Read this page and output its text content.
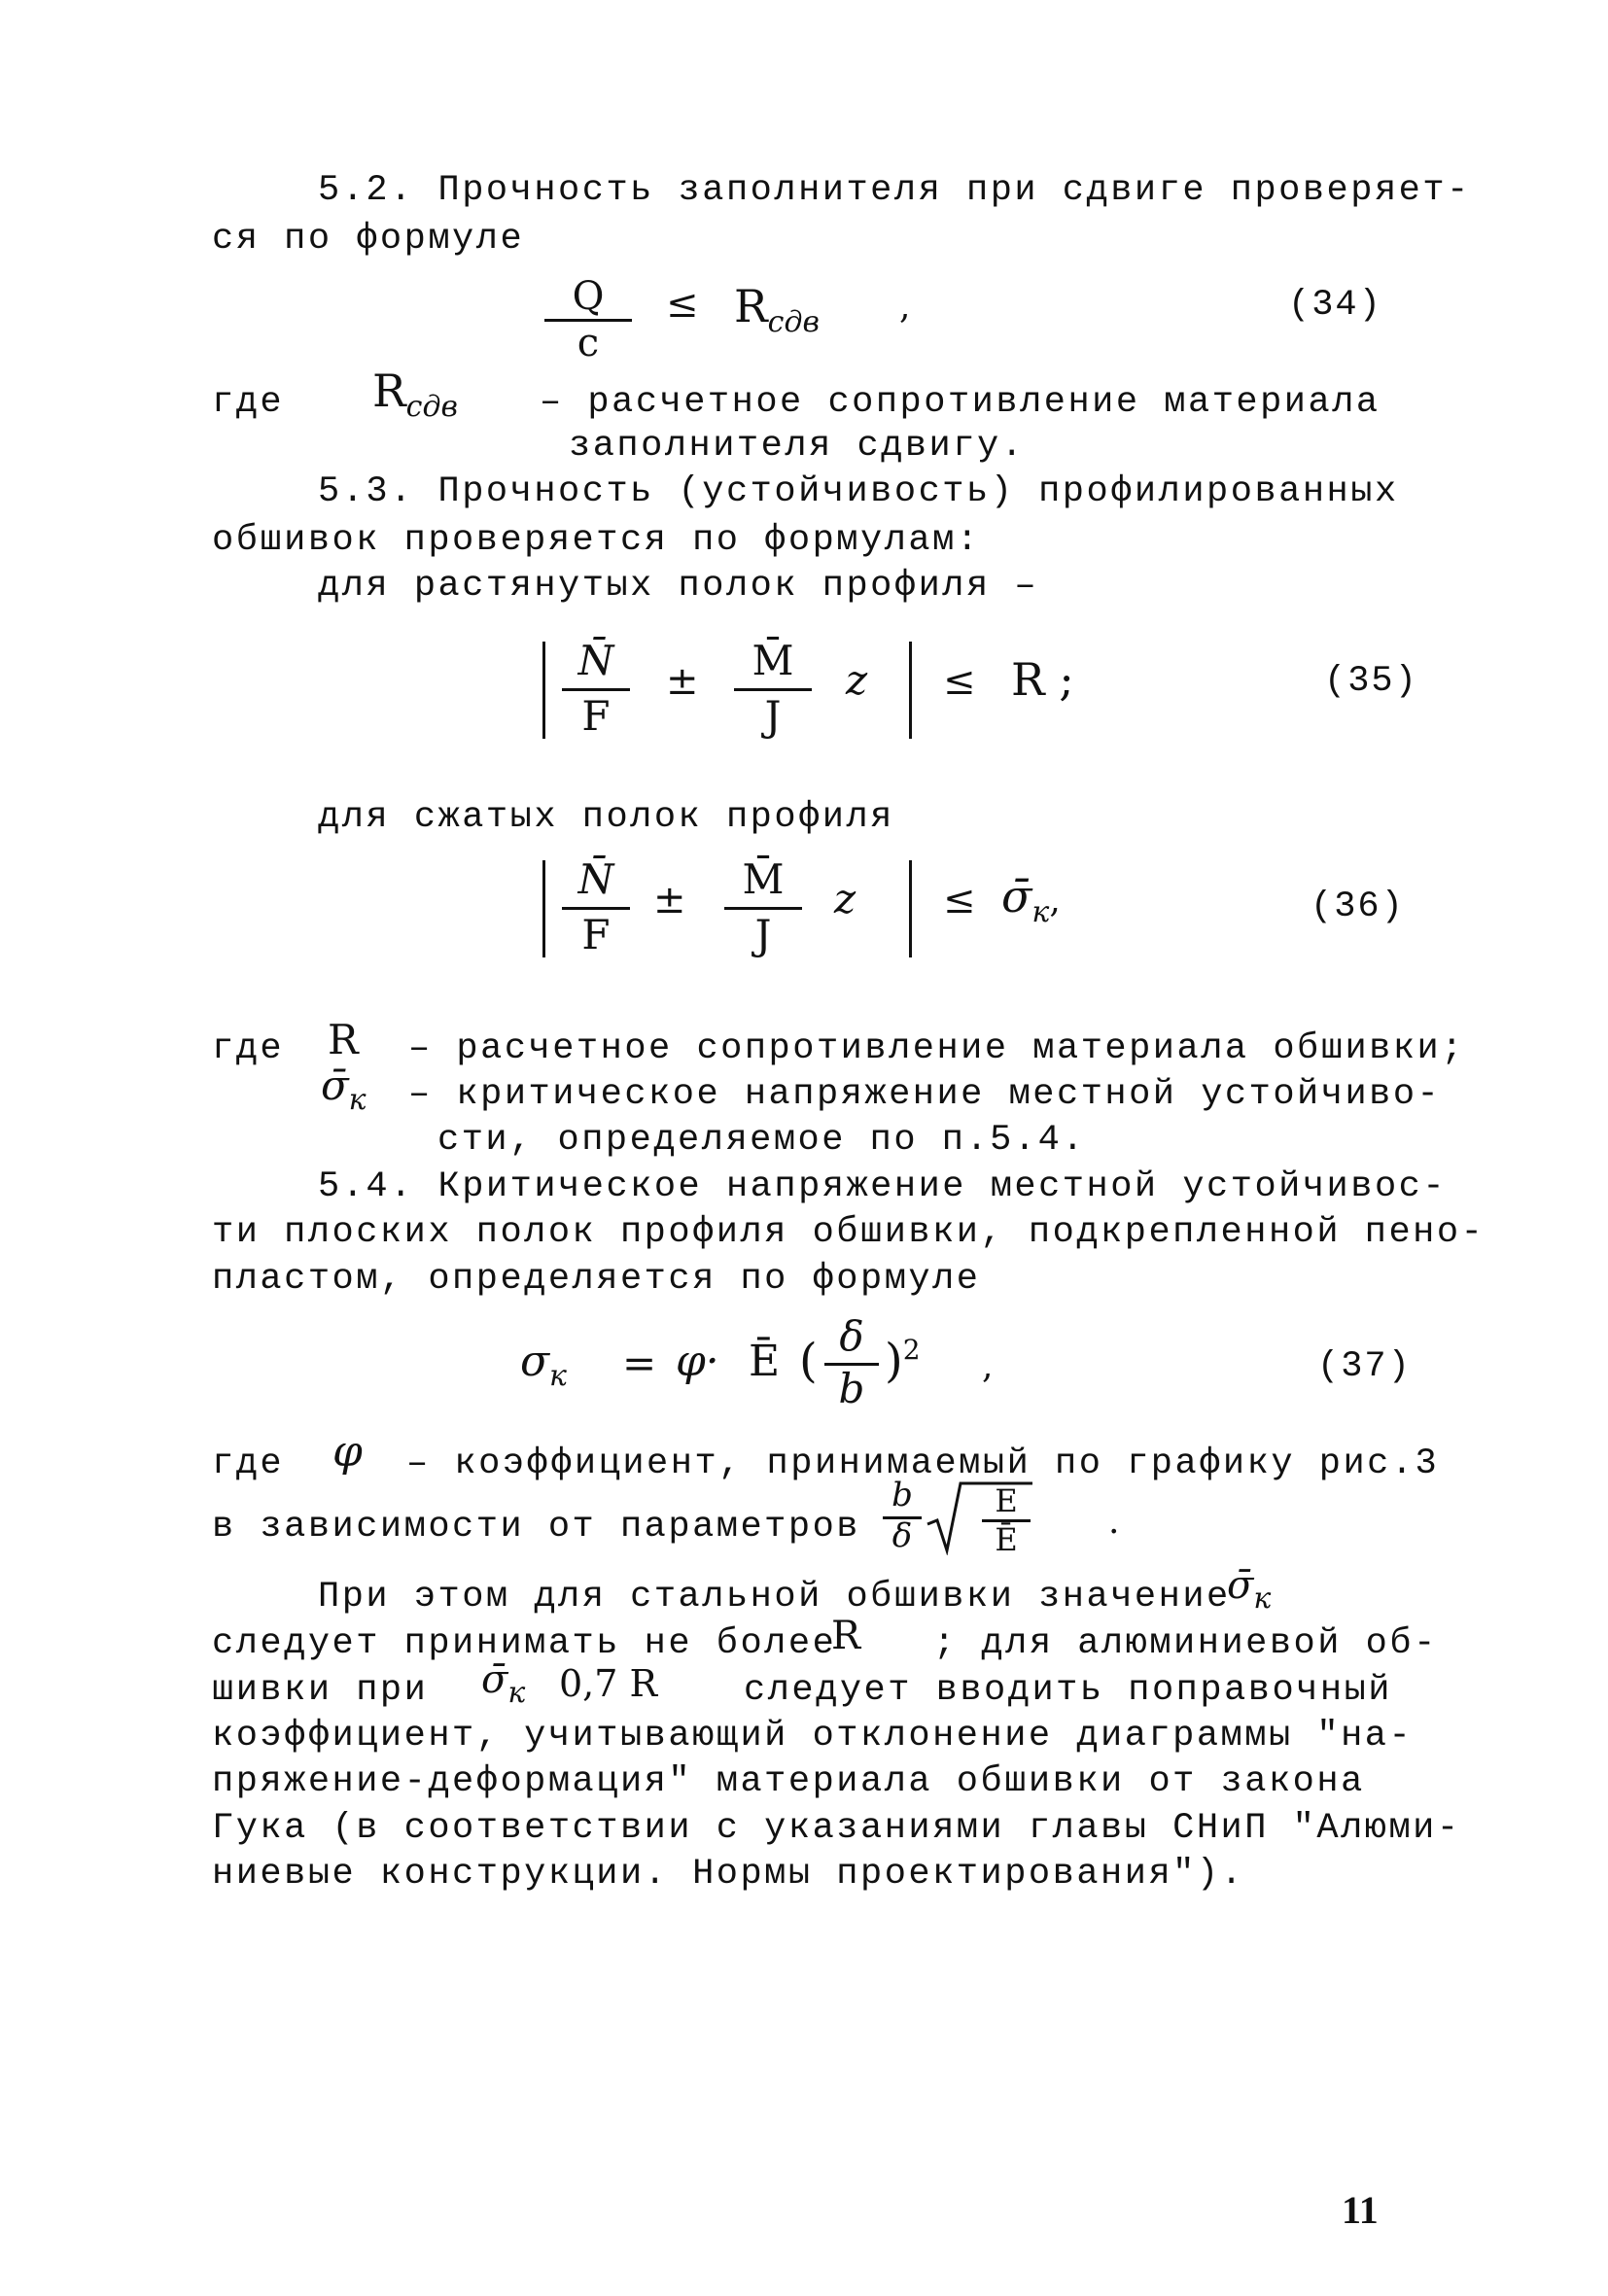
5.2. Прочность заполнителя при сдвиге проверяет-
ся по формуле
Q
c
≤ $R_{сдв}$ ,	(34)
где $R_{сдв}$ – расчетное сопротивление материала
заполнителя сдвигу.
5.3. Прочность (устойчивость) профилированных
обшивок проверяется по формулам:
для растянутых полок профиля –
N̄
F
±	M̄
J
z ≤ R ;	(35)
для сжатых полок профиля
N̄
F
±	M̄
J
$z \le \sigmā_к$,	(36)
где R – расчетное сопротивление материала обшивки;
$\sigmā_к$ – критическое напряжение местной устойчиво-
сти, определяемое по п.5.4.
5.4. Критическое напряжение местной устойчивос-
ти плоских полок профиля обшивки, подкрепленной пено-
пластом, определяется по формуле
$\sigma_к = \varphi\cdot$ Ē ( δ
b
)$^2$ ,	(37)
где φ – коэффициент, принимаемый по графику рис.3
в зависимости от параметров
b
δ
E
Ē	.
При этом для стальной обшивки значение
$\sigmā_к$
следует принимать не более
R ; для алюминиевой об-
шивки при $\sigmā_к$ 0,7 R следует вводить поправочный
коэффициент, учитывающий отклонение диаграммы "на-
пряжение-деформация" материала обшивки от закона
Гука (в соответствии с указаниями главы СНиП "Алюми-
ниевые конструкции. Нормы проектирования").
11
